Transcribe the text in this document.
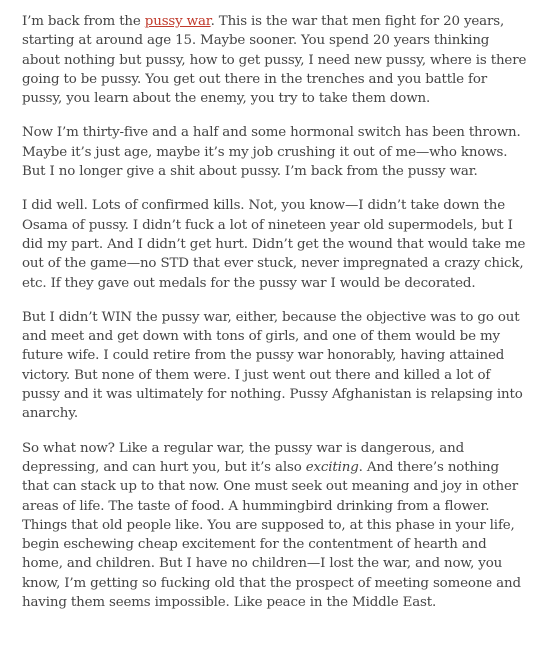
I’m back from the pussy war. This is the war that men fight for 20 years, starting at around age 15. Maybe sooner. You spend 20 years thinking about nothing but pussy, how to get pussy, I need new pussy, where is there going to be pussy. You get out there in the trenches and you battle for pussy, you learn about the enemy, you try to take them down.

Now I’m thirty-five and a half and some hormonal switch has been thrown. Maybe it’s just age, maybe it’s my job crushing it out of me—who knows. But I no longer give a shit about pussy. I’m back from the pussy war.

I did well. Lots of confirmed kills. Not, you know—I didn’t take down the Osama of pussy. I didn’t fuck a lot of nineteen year old supermodels, but I did my part. And I didn’t get hurt. Didn’t get the wound that would take me out of the game—no STD that ever stuck, never impregnated a crazy chick, etc. If they gave out medals for the pussy war I would be decorated.

But I didn’t WIN the pussy war, either, because the objective was to go out and meet and get down with tons of girls, and one of them would be my future wife. I could retire from the pussy war honorably, having attained victory. But none of them were. I just went out there and killed a lot of pussy and it was ultimately for nothing. Pussy Afghanistan is relapsing into anarchy.

So what now? Like a regular war, the pussy war is dangerous, and depressing, and can hurt you, but it’s also exciting. And there’s nothing that can stack up to that now. One must seek out meaning and joy in other areas of life. The taste of food. A hummingbird drinking from a flower. Things that old people like. You are supposed to, at this phase in your life, begin eschewing cheap excitement for the contentment of hearth and home, and children. But I have no children—I lost the war, and now, you know, I’m getting so fucking old that the prospect of meeting someone and having them seems impossible. Like peace in the Middle East.
